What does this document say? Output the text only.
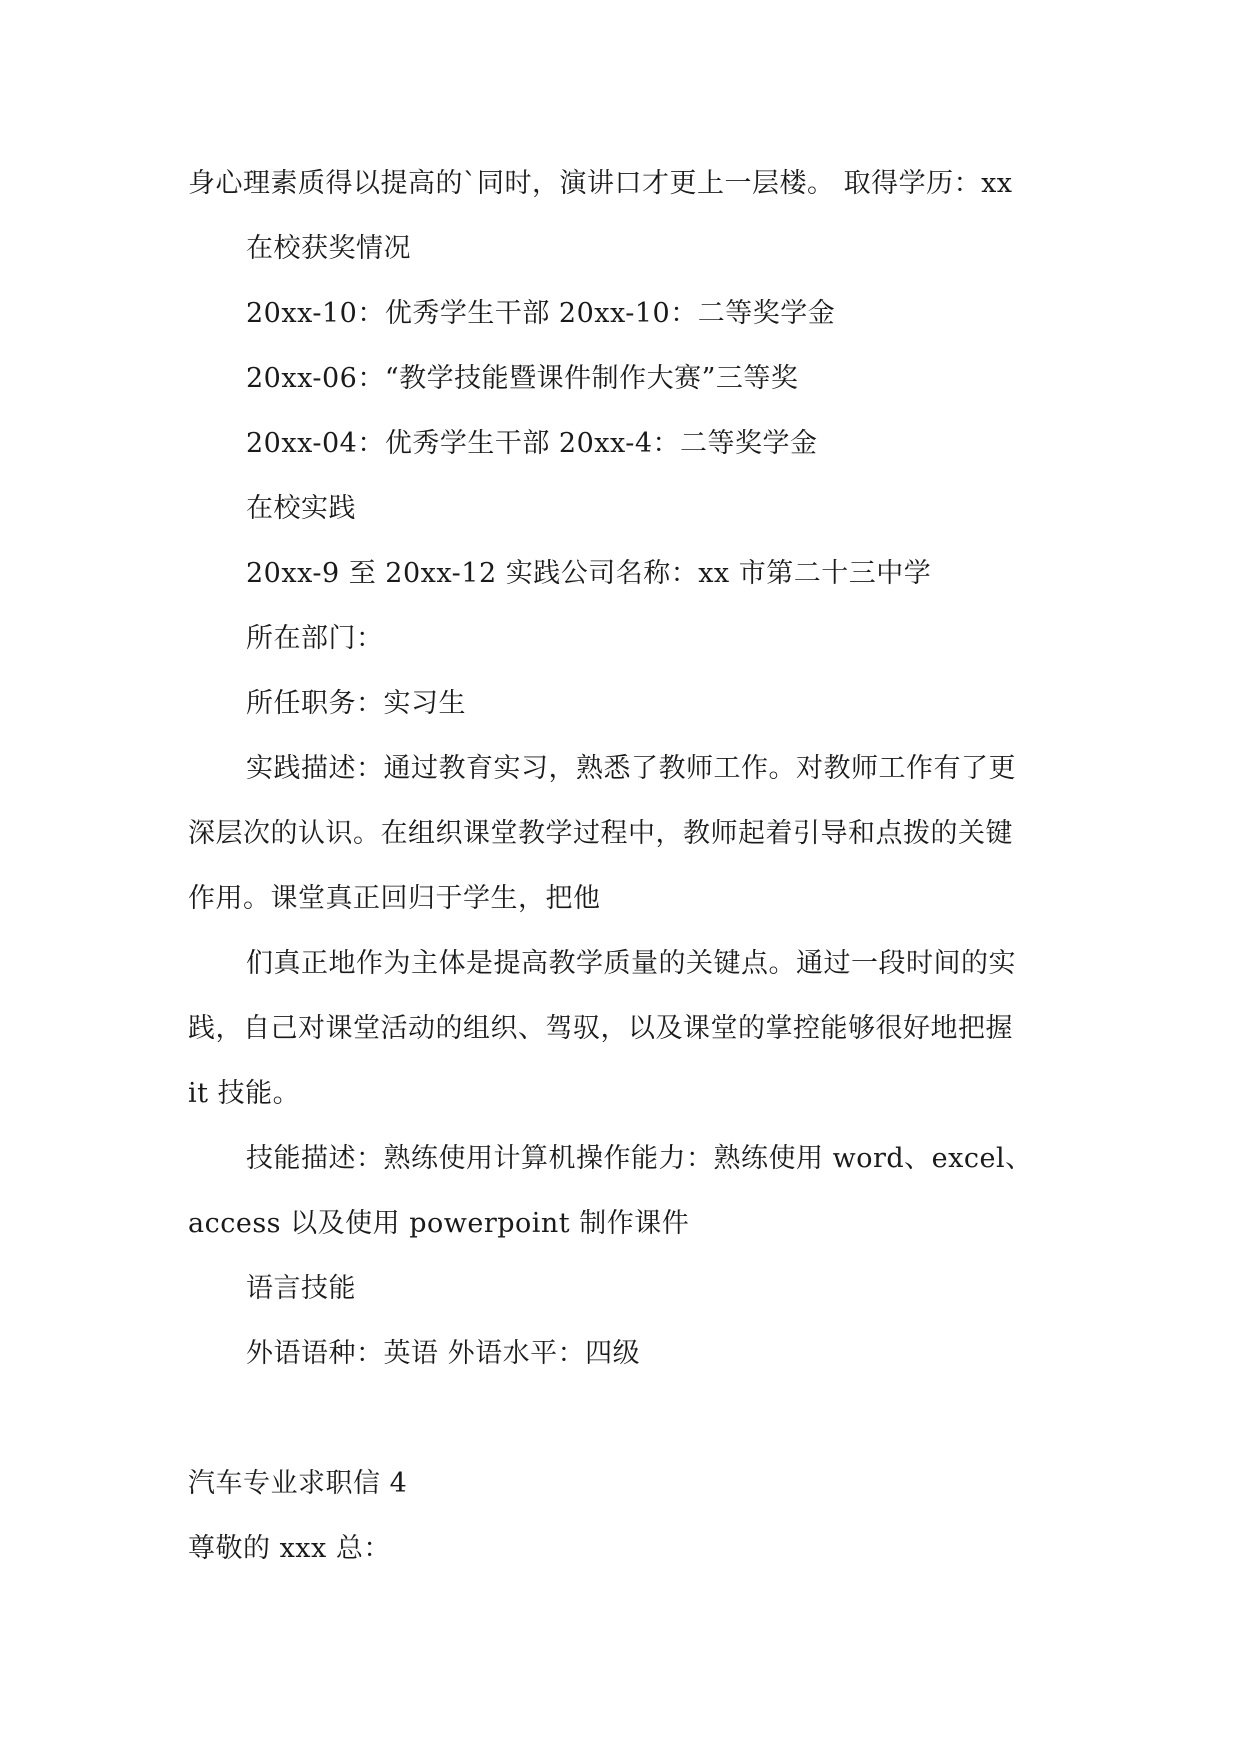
身心理素质得以提高的`同时，演讲口才更上一层楼。 取得学历：xx
在校获奖情况
20xx-10：优秀学生干部 20xx-10：二等奖学金
20xx-06：“教学技能暨课件制作大赛”三等奖
20xx-04：优秀学生干部 20xx-4：二等奖学金
在校实践
20xx-9 至 20xx-12 实践公司名称：xx 市第二十三中学
所在部门：
所任职务：实习生
实践描述：通过教育实习，熟悉了教师工作。对教师工作有了更
深层次的认识。在组织课堂教学过程中，教师起着引导和点拨的关键
作用。课堂真正回归于学生，把他
们真正地作为主体是提高教学质量的关键点。通过一段时间的实
践，自己对课堂活动的组织、驾驭，以及课堂的掌控能够很好地把握
it 技能。
技能描述：熟练使用计算机操作能力：熟练使用 word、excel、
access 以及使用 powerpoint 制作课件
语言技能
外语语种：英语 外语水平：四级
汽车专业求职信 4
尊敬的 xxx 总：
